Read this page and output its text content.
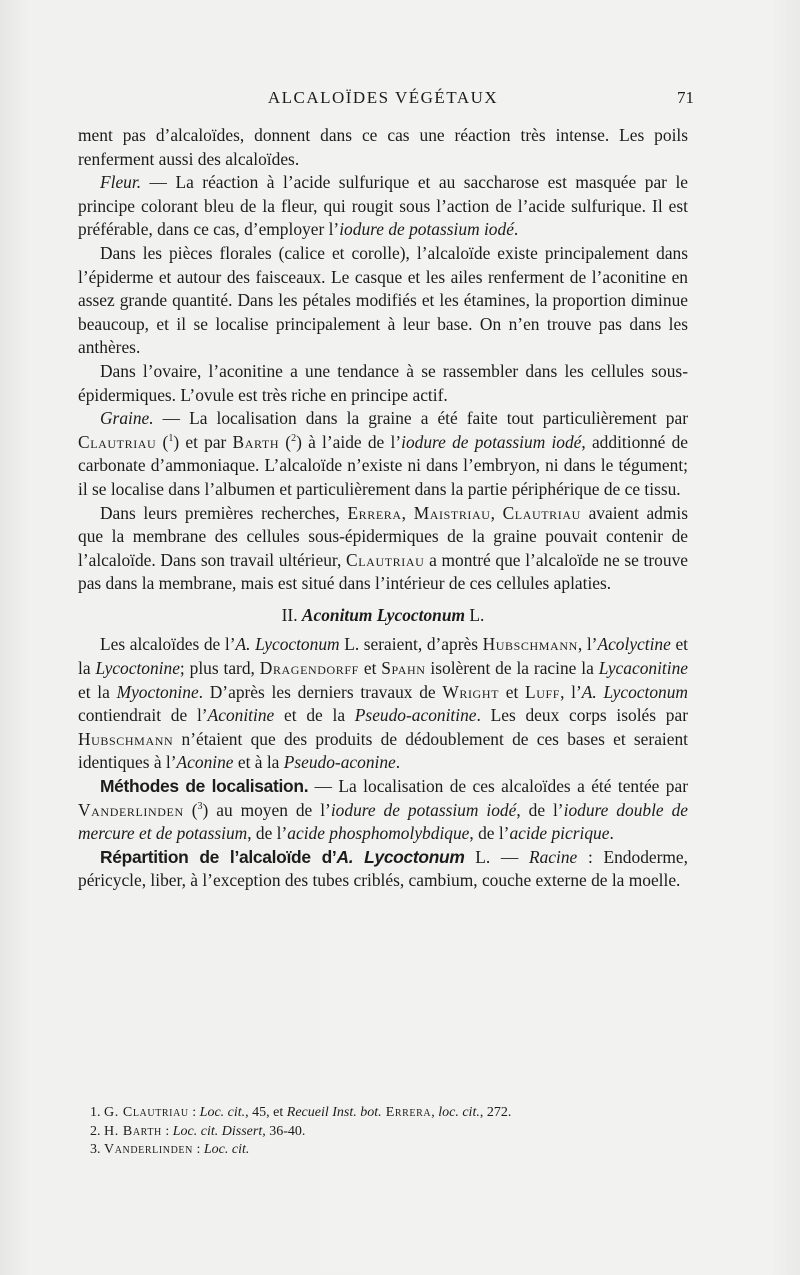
ALCALOÏDES VÉGÉTAUX	71

ment pas d’alcaloïdes, donnent dans ce cas une réaction très intense. Les poils renferment aussi des alcaloïdes.

Fleur. — La réaction à l’acide sulfurique et au saccharose est masquée par le principe colorant bleu de la fleur, qui rougit sous l’action de l’acide sulfurique. Il est préférable, dans ce cas, d’employer l’iodure de potassium iodé.

Dans les pièces florales (calice et corolle), l’alcaloïde existe principalement dans l’épiderme et autour des faisceaux. Le casque et les ailes renferment de l’aconitine en assez grande quantité. Dans les pétales modifiés et les étamines, la proportion diminue beaucoup, et il se localise principalement à leur base. On n’en trouve pas dans les anthères.

Dans l’ovaire, l’aconitine a une tendance à se rassembler dans les cellules sous-épidermiques. L’ovule est très riche en principe actif.

Graine. — La localisation dans la graine a été faite tout particulièrement par Clautriau ($^1$) et par Barth ($^2$) à l’aide de l’iodure de potassium iodé, additionné de carbonate d’ammoniaque. L’alcaloïde n’existe ni dans l’embryon, ni dans le tégument; il se localise dans l’albumen et particulièrement dans la partie périphérique de ce tissu.

Dans leurs premières recherches, Errera, Maistriau, Clautriau avaient admis que la membrane des cellules sous-épidermiques de la graine pouvait contenir de l’alcaloïde. Dans son travail ultérieur, Clautriau a montré que l’alcaloïde ne se trouve pas dans la membrane, mais est situé dans l’intérieur de ces cellules aplaties.

II. Aconitum Lycoctonum L.

Les alcaloïdes de l’A. Lycoctonum L. seraient, d’après Hubschmann, l’Acolyctine et la Lycoctonine; plus tard, Dragendorff et Spahn isolèrent de la racine la Lycaconitine et la Myoctonine. D’après les derniers travaux de Wright et Luff, l’A. Lycoctonum contiendrait de l’Aconitine et de la Pseudo-aconitine. Les deux corps isolés par Hubschmann n’étaient que des produits de dédoublement de ces bases et seraient identiques à l’Aconine et à la Pseudo-aconine.

Méthodes de localisation. — La localisation de ces alcaloïdes a été tentée par Vanderlinden ($^3$) au moyen de l’iodure de potassium iodé, de l’iodure double de mercure et de potassium, de l’acide phosphomolybdique, de l’acide picrique.

Répartition de l’alcaloïde d’A. Lycoctonum L. — Racine : Endoderme, péricycle, liber, à l’exception des tubes criblés, cambium, couche externe de la moelle.

1. G. Clautriau : Loc. cit., 45, et Recueil Inst. bot. Errera, loc. cit., 272.
2. H. Barth : Loc. cit. Dissert, 36-40.
3. Vanderlinden : Loc. cit.
